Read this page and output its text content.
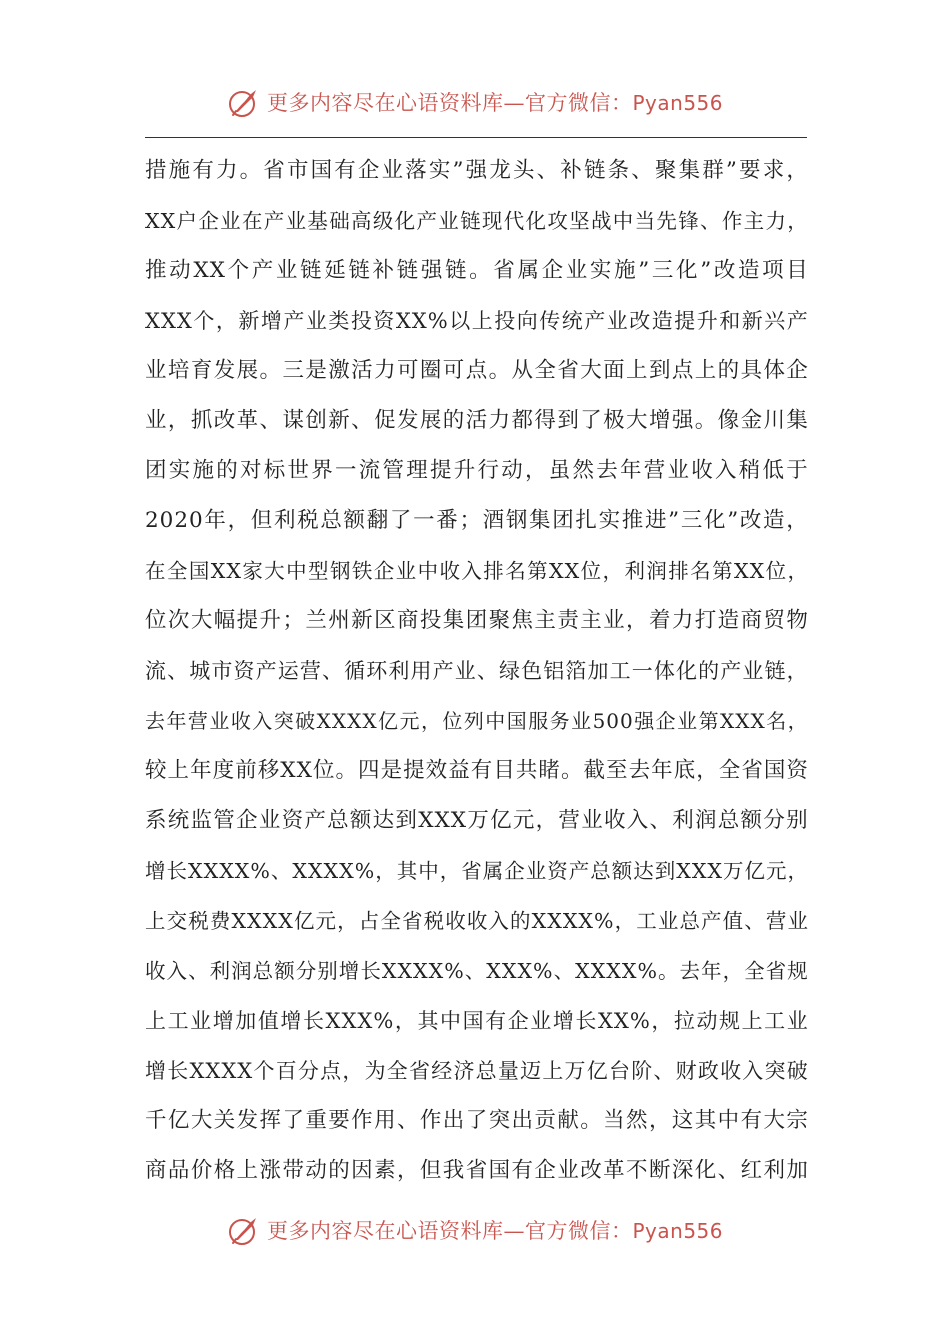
更多内容尽在心语资料库—官方微信：Pyan556
措 施 有 力 。 省 市 国 有 企 业 落 实 ” 强 龙 头 、 补 链 条 、 聚 集 群 ” 要 求 ，
XX 户 企 业 在 产 业 基 础 高 级 化 产 业 链 现 代 化 攻 坚 战 中 当 先 锋 、 作 主 力 ，
推 动 XX 个 产 业 链 延 链 补 链 强 链 。 省 属 企 业 实 施 ” 三 化 ” 改 造 项 目
XXX 个 ， 新 增 产 业 类 投 资 XX% 以 上 投 向 传 统 产 业 改 造 提 升 和 新 兴 产
业 培 育 发 展 。 三 是 激 活 力 可 圈 可 点 。 从 全 省 大 面 上 到 点 上 的 具 体 企
业 ， 抓 改 革 、 谋 创 新 、 促 发 展 的 活 力 都 得 到 了 极 大 增 强 。 像 金 川 集
团 实 施 的 对 标 世 界 一 流 管 理 提 升 行 动 ， 虽 然 去 年 营 业 收 入 稍 低 于
2020 年 ， 但 利 税 总 额 翻 了 一 番 ； 酒 钢 集 团 扎 实 推 进 ” 三 化 ” 改 造 ，
在 全 国 XX 家 大 中 型 钢 铁 企 业 中 收 入 排 名 第 XX 位 ， 利 润 排 名 第 XX 位 ，
位 次 大 幅 提 升 ； 兰 州 新 区 商 投 集 团 聚 焦 主 责 主 业 ， 着 力 打 造 商 贸 物
流 、 城 市 资 产 运 营 、 循 环 利 用 产 业 、 绿 色 铝 箔 加 工 一 体 化 的 产 业 链 ，
去 年 营 业 收 入 突 破 XXXX 亿 元 ， 位 列 中 国 服 务 业 500 强 企 业 第 XXX 名 ，
较 上 年 度 前 移 XX 位 。 四 是 提 效 益 有 目 共 睹 。 截 至 去 年 底 ， 全 省 国 资
系 统 监 管 企 业 资 产 总 额 达 到 XXX 万 亿 元 ， 营 业 收 入 、 利 润 总 额 分 别
增 长 XXXX% 、 XXXX% ， 其 中 ， 省 属 企 业 资 产 总 额 达 到 XXX 万 亿 元 ，
上 交 税 费 XXXX 亿 元 ， 占 全 省 税 收 收 入 的 XXXX% ， 工 业 总 产 值 、 营 业
收 入 、 利 润 总 额 分 别 增 长 XXXX% 、 XXX% 、 XXXX% 。 去 年 ， 全 省 规
上 工 业 增 加 值 增 长 XXX% ， 其 中 国 有 企 业 增 长 XX% ， 拉 动 规 上 工 业
增 长 XXXX 个 百 分 点 ， 为 全 省 经 济 总 量 迈 上 万 亿 台 阶 、 财 政 收 入 突 破
千 亿 大 关 发 挥 了 重 要 作 用 、 作 出 了 突 出 贡 献 。 当 然 ， 这 其 中 有 大 宗
商 品 价 格 上 涨 带 动 的 因 素 ， 但 我 省 国 有 企 业 改 革 不 断 深 化 、 红 利 加
更多内容尽在心语资料库—官方微信：Pyan556
